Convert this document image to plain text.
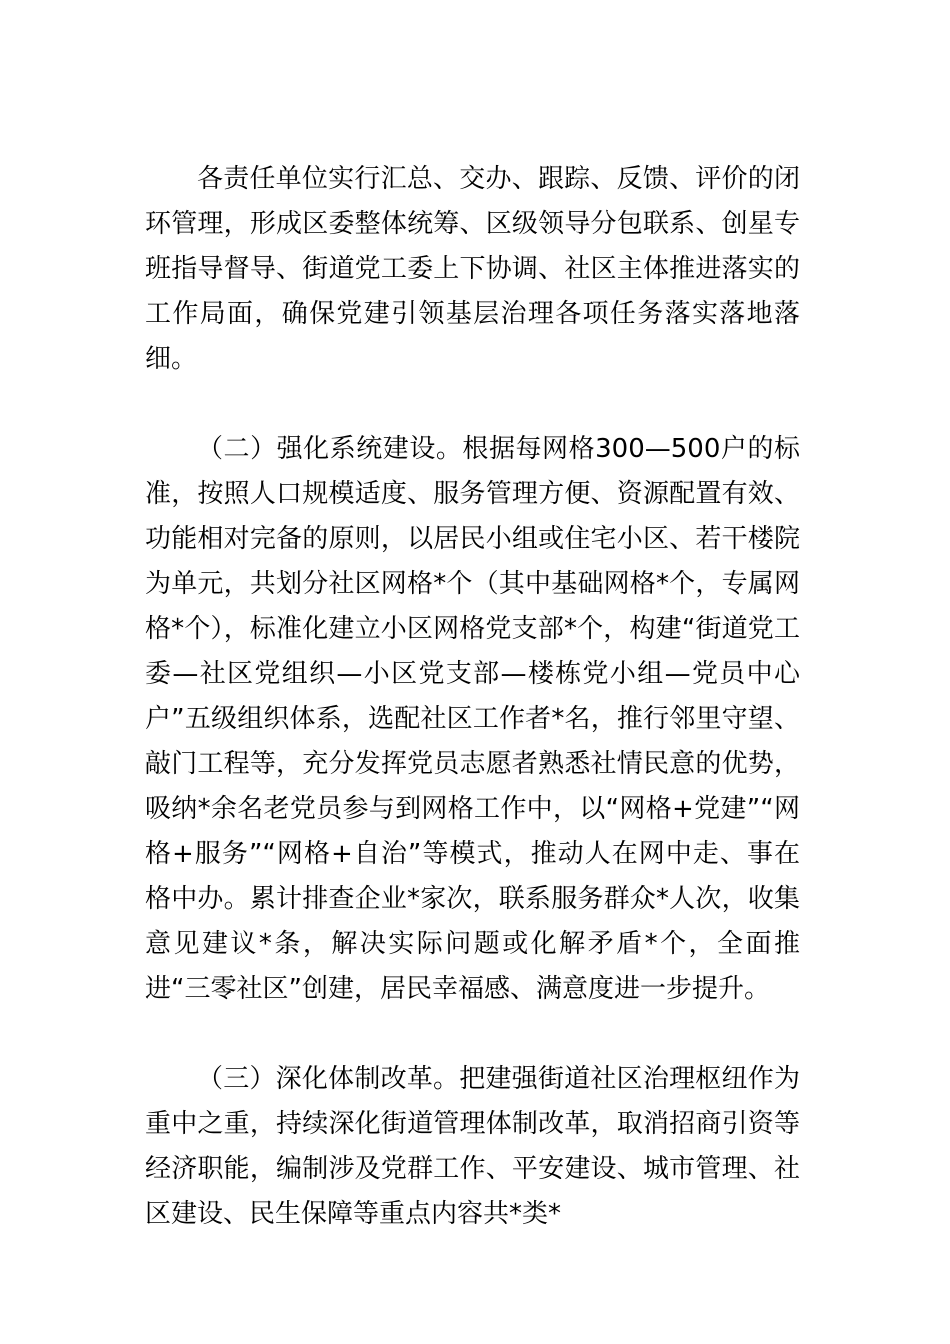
各责任单位实行汇总、交办、跟踪、反馈、评价的闭环管理，形成区委整体统筹、区级领导分包联系、创星专班指导督导、街道党工委上下协调、社区主体推进落实的工作局面，确保党建引领基层治理各项任务落实落地落细。

（二）强化系统建设。根据每网格300—500户的标准，按照人口规模适度、服务管理方便、资源配置有效、功能相对完备的原则，以居民小组或住宅小区、若干楼院为单元，共划分社区网格*个（其中基础网格*个，专属网格*个），标准化建立小区网格党支部*个，构建“街道党工委—社区党组织—小区党支部—楼栋党小组—党员中心户”五级组织体系，选配社区工作者*名，推行邻里守望、敲门工程等，充分发挥党员志愿者熟悉社情民意的优势，吸纳*余名老党员参与到网格工作中，以“网格+党建”“网格+服务”“网格+自治”等模式，推动人在网中走、事在格中办。累计排查企业*家次，联系服务群众*人次，收集意见建议*条，解决实际问题或化解矛盾*个，全面推进“三零社区”创建，居民幸福感、满意度进一步提升。

（三）深化体制改革。把建强街道社区治理枢纽作为重中之重，持续深化街道管理体制改革，取消招商引资等经济职能，编制涉及党群工作、平安建设、城市管理、社区建设、民生保障等重点内容共*类*
